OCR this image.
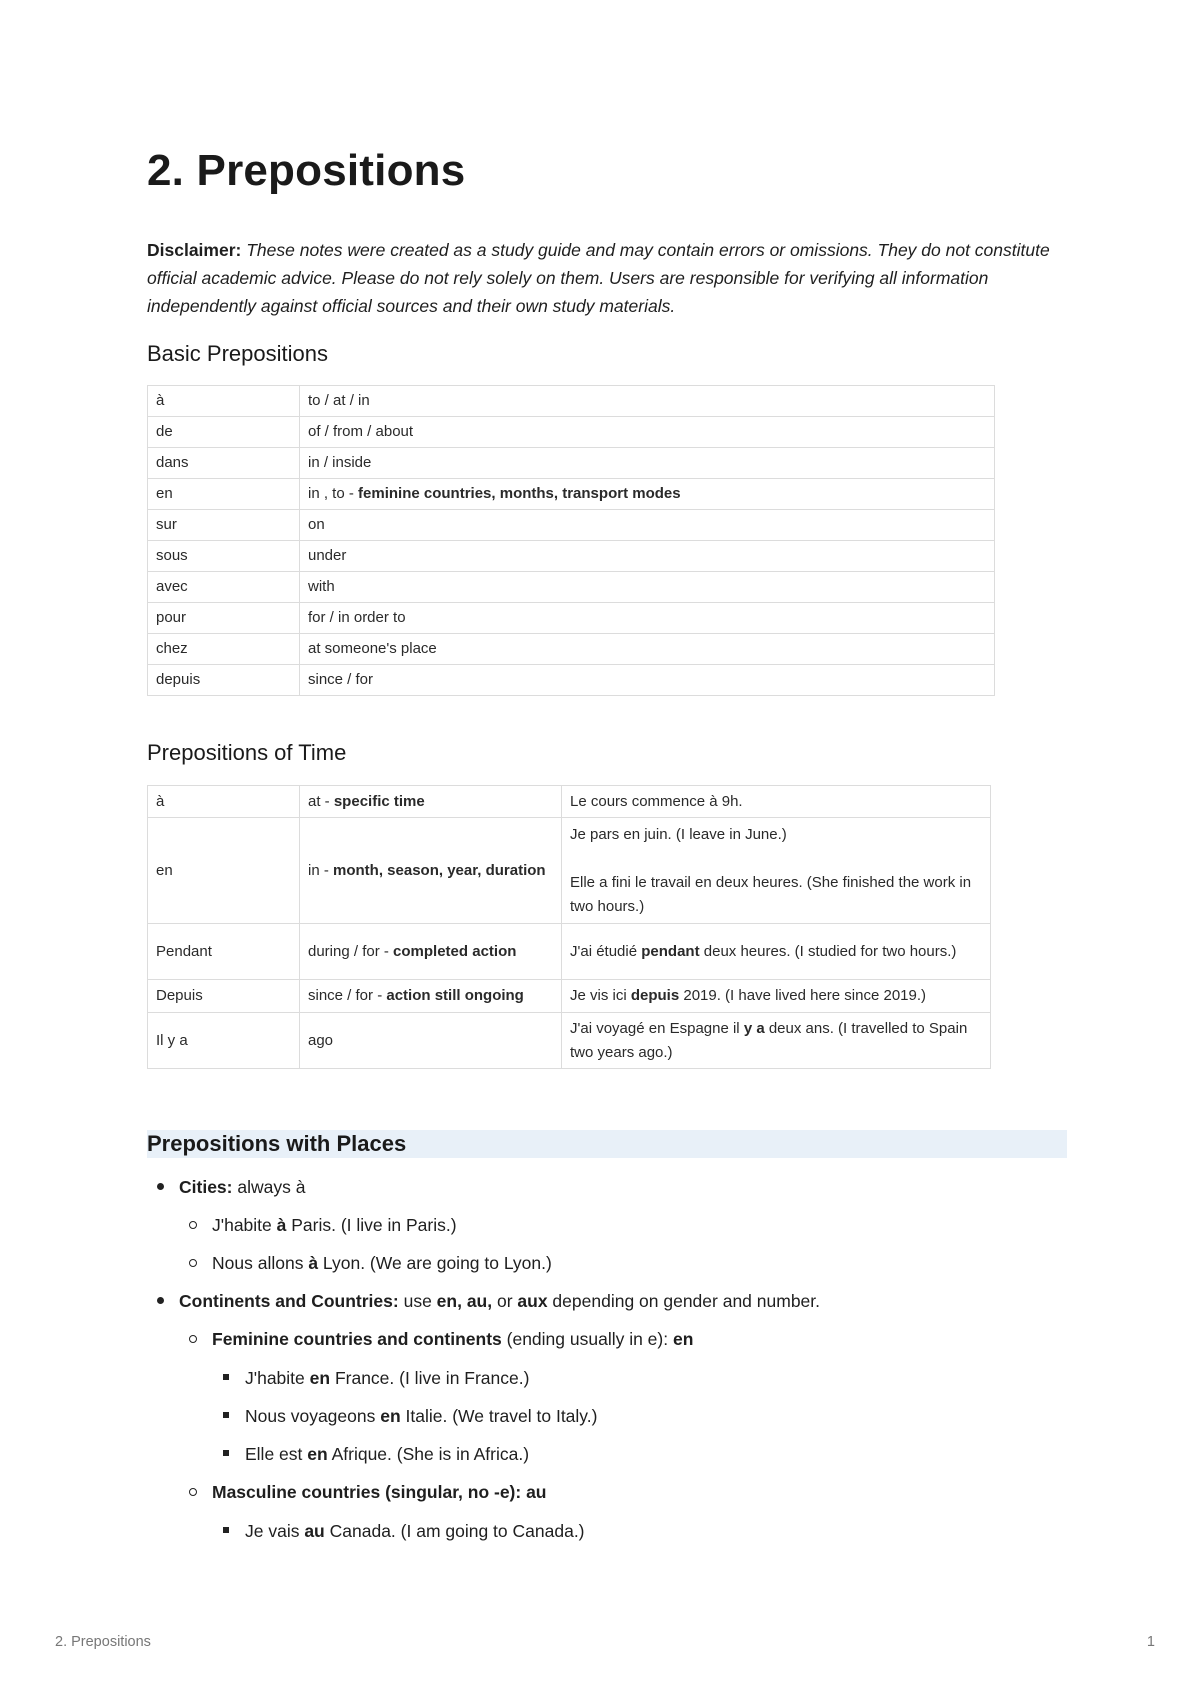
2. Prepositions

Disclaimer: These notes were created as a study guide and may contain errors or omissions. They do not constitute official academic advice. Please do not rely solely on them. Users are responsible for verifying all information independently against official sources and their own study materials.

Basic Prepositions
à	to / at / in
de	of / from / about
dans	in / inside
en	in , to - feminine countries, months, transport modes
sur	on
sous	under
avec	with
pour	for / in order to
chez	at someone's place
depuis	since / for
Prepositions of Time
à	at - specific time	Le cours commence à 9h.
en	in - month, season, year, duration	Je pars en juin. (I leave in June.)
Elle a fini le travail en deux heures. (She finished the work in two hours.)

Pendant	during / for - completed action	J'ai étudié pendant deux heures. (I studied for two hours.)
Depuis	since / for - action still ongoing	Je vis ici depuis 2019. (I have lived here since 2019.)
Il y a	ago	J'ai voyagé en Espagne il y a deux ans. (I travelled to Spain two years ago.)
Prepositions with Places
Cities: always à
J'habite à Paris. (I live in Paris.)
Nous allons à Lyon. (We are going to Lyon.)
Continents and Countries: use en, au, or aux depending on gender and number.
Feminine countries and continents (ending usually in e): en
J'habite en France. (I live in France.)
Nous voyageons en Italie. (We travel to Italy.)
Elle est en Afrique. (She is in Africa.)
Masculine countries (singular, no -e): au
Je vais au Canada. (I am going to Canada.)
2. Prepositions	1
